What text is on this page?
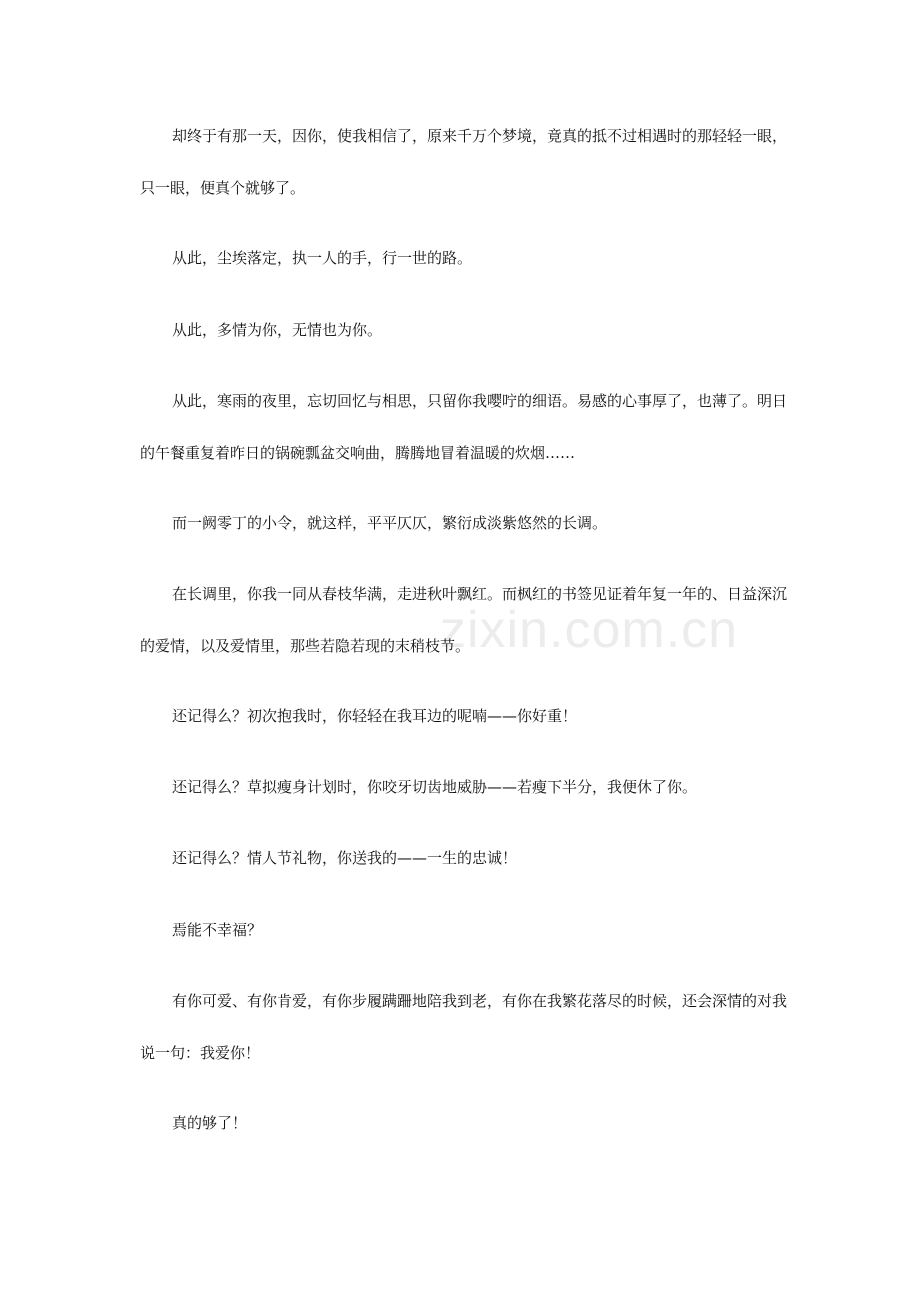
zixin.com.cn

却终于有那一天，因你，使我相信了，原来千万个梦境，竟真的抵不过相遇时的那轻轻一眼，只一眼，便真个就够了。

从此，尘埃落定，执一人的手，行一世的路。

从此，多情为你，无情也为你。

从此，寒雨的夜里，忘切回忆与相思，只留你我嘤咛的细语。易感的心事厚了，也薄了。明日的午餐重复着昨日的锅碗瓢盆交响曲，腾腾地冒着温暖的炊烟……

而一阙零丁的小令，就这样，平平仄仄，繁衍成淡紫悠然的长调。

在长调里，你我一同从春枝华满，走进秋叶飘红。而枫红的书签见证着年复一年的、日益深沉的爱情，以及爱情里，那些若隐若现的末稍枝节。

还记得么？初次抱我时，你轻轻在我耳边的呢喃——你好重！

还记得么？草拟瘦身计划时，你咬牙切齿地威胁——若瘦下半分，我便休了你。

还记得么？情人节礼物，你送我的——一生的忠诚！

焉能不幸福？

有你可爱、有你肯爱，有你步履蹒跚地陪我到老，有你在我繁花落尽的时候，还会深情的对我说一句：我爱你！

真的够了！
